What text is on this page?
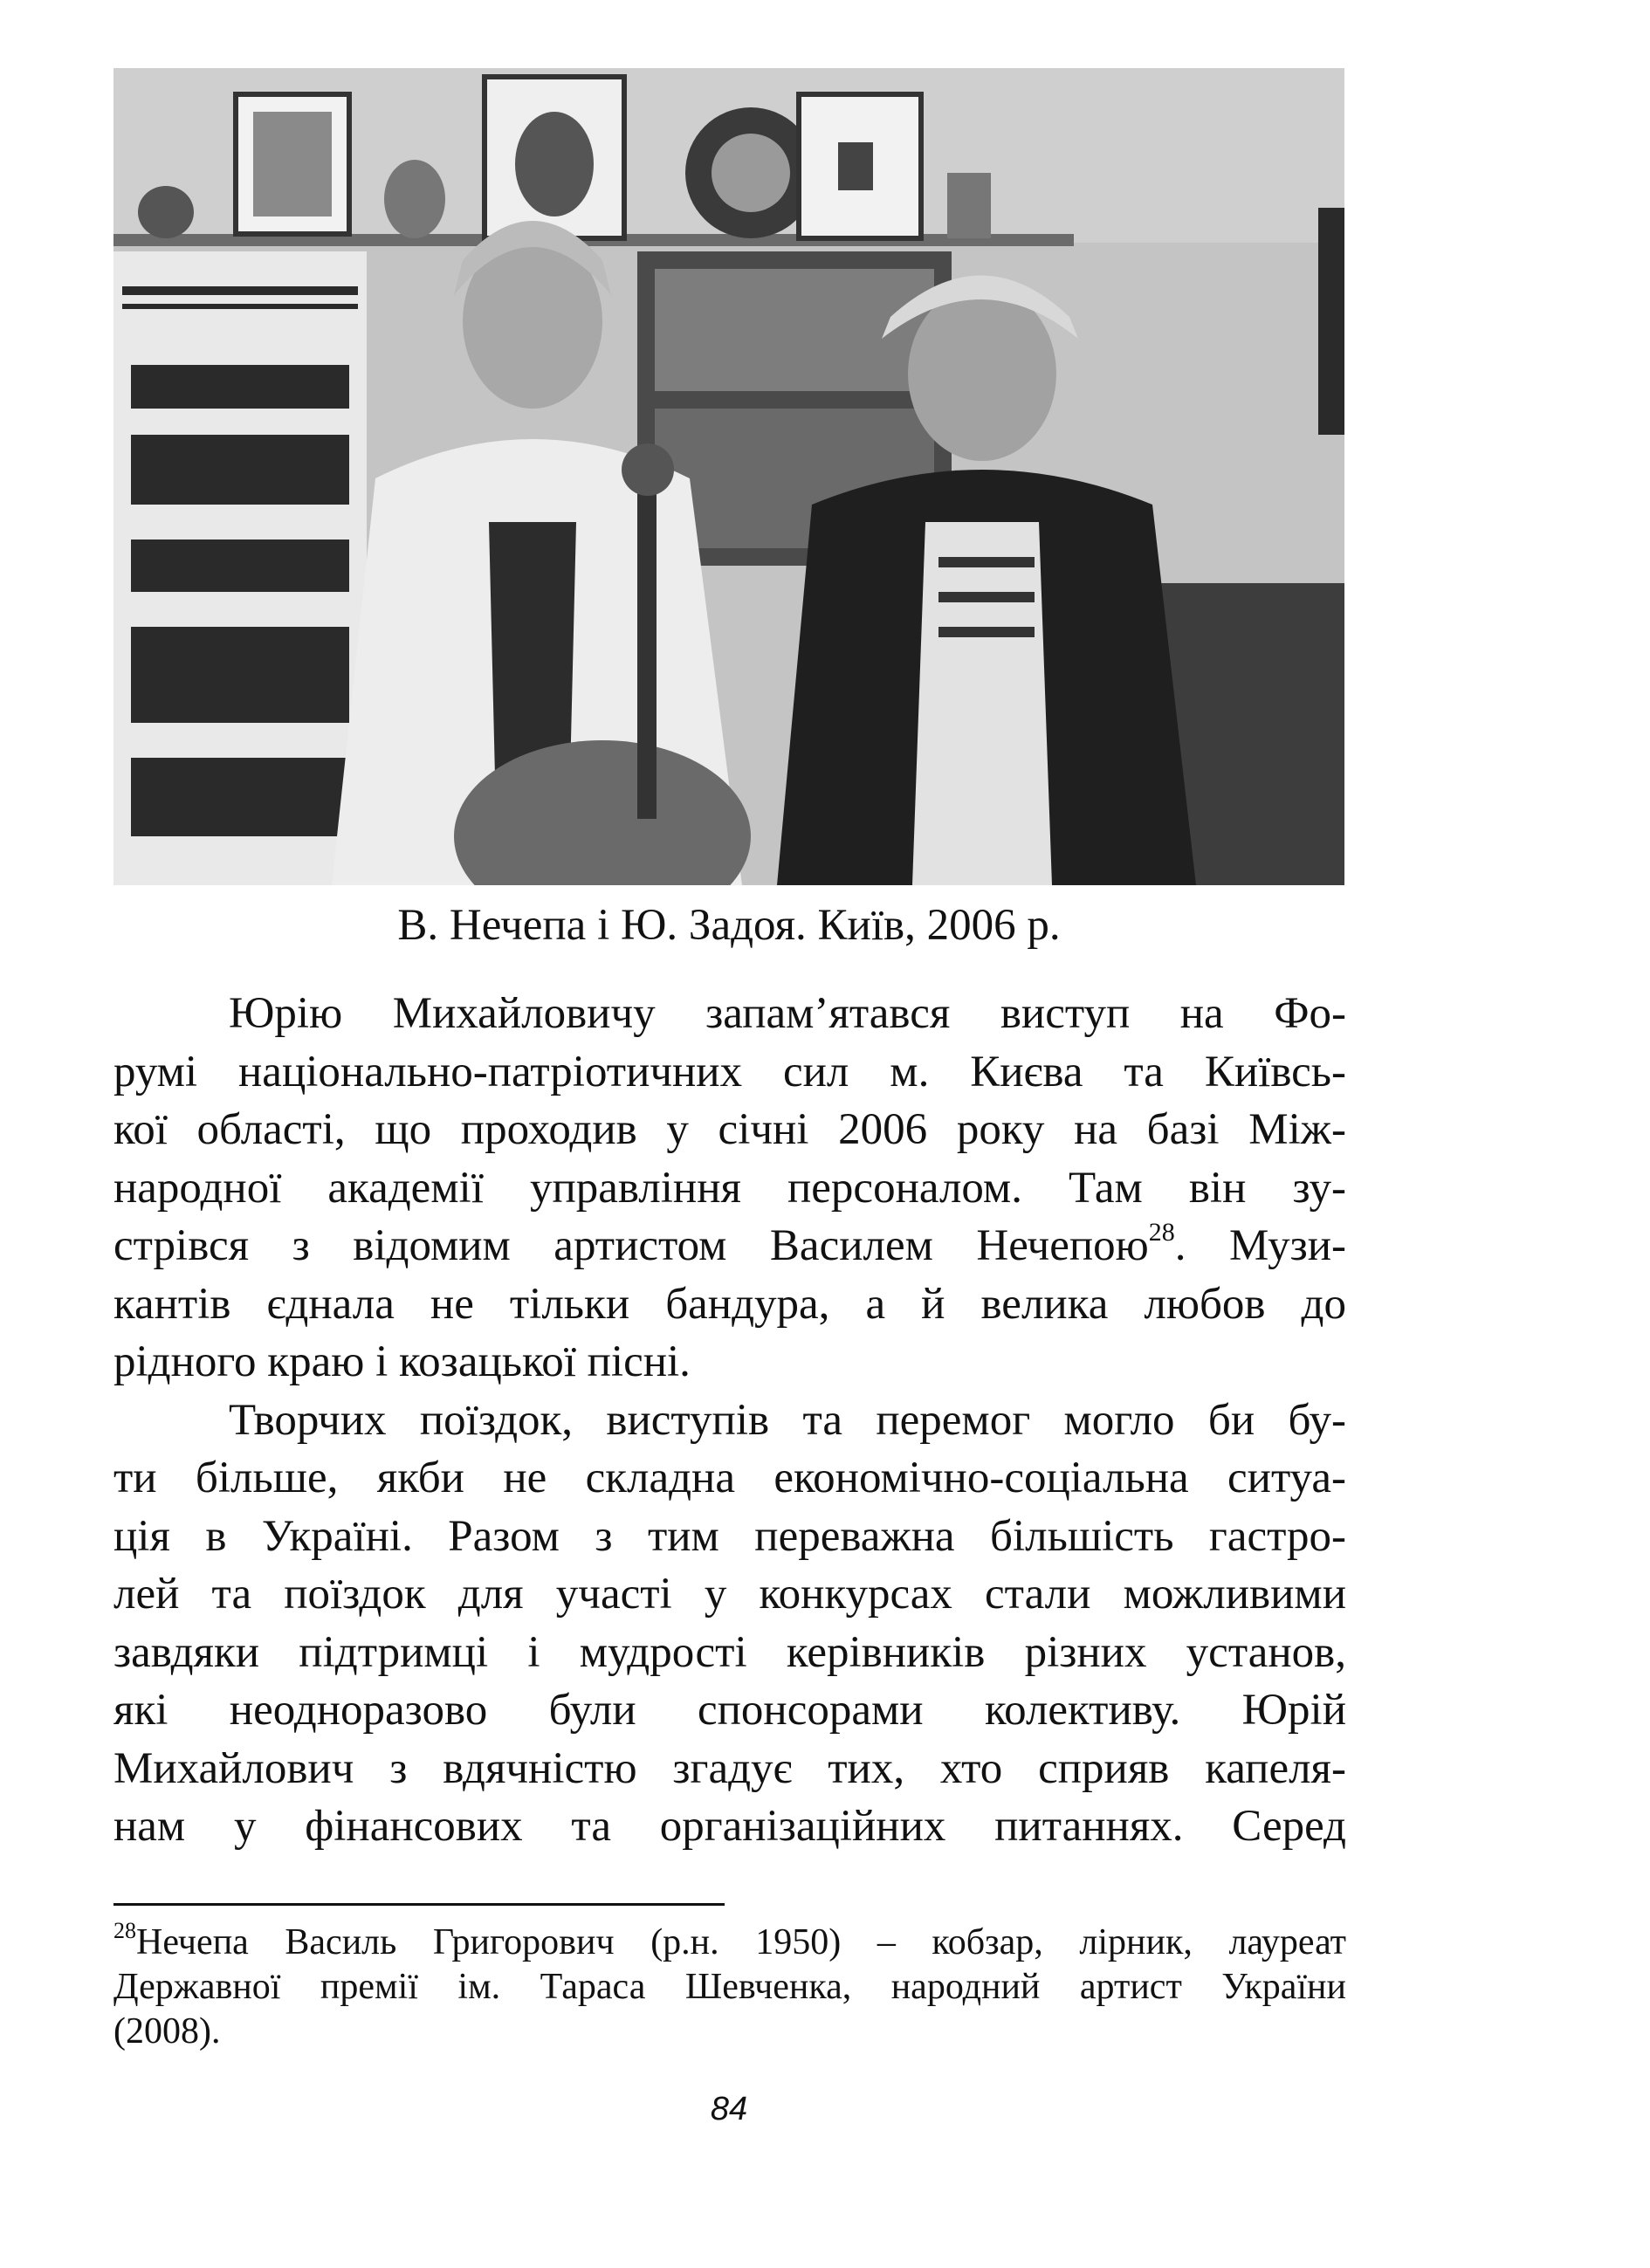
В. Нечепа і Ю. Задоя. Київ, 2006 р.
Юрію Михайловичу запам’ятався виступ на Фо-
румі національно-патріотичних сил м. Києва та Київсь-
кої області, що проходив у січні 2006 року на базі Між-
народної академії управління персоналом. Там він зу-
стрівся з відомим артистом Василем Нечепою$^{28}$. Музи-
кантів єднала не тільки бандура, а й велика любов до
рідного краю і козацької пісні.
Творчих поїздок, виступів та перемог могло би бу-
ти більше, якби не складна економічно-соціальна ситуа-
ція в Україні. Разом з тим переважна більшість гастро-
лей та поїздок для участі у конкурсах стали можливими
завдяки підтримці і мудрості керівників різних установ,
які неодноразово були спонсорами колективу. Юрій
Михайлович з вдячністю згадує тих, хто сприяв капеля-
нам у фінансових та організаційних питаннях. Серед
$^{28}$Нечепа Василь Григорович (р.н. 1950) – кобзар, лірник, лауреат
Державної премії ім. Тараса Шевченка, народний артист України
(2008).
84
